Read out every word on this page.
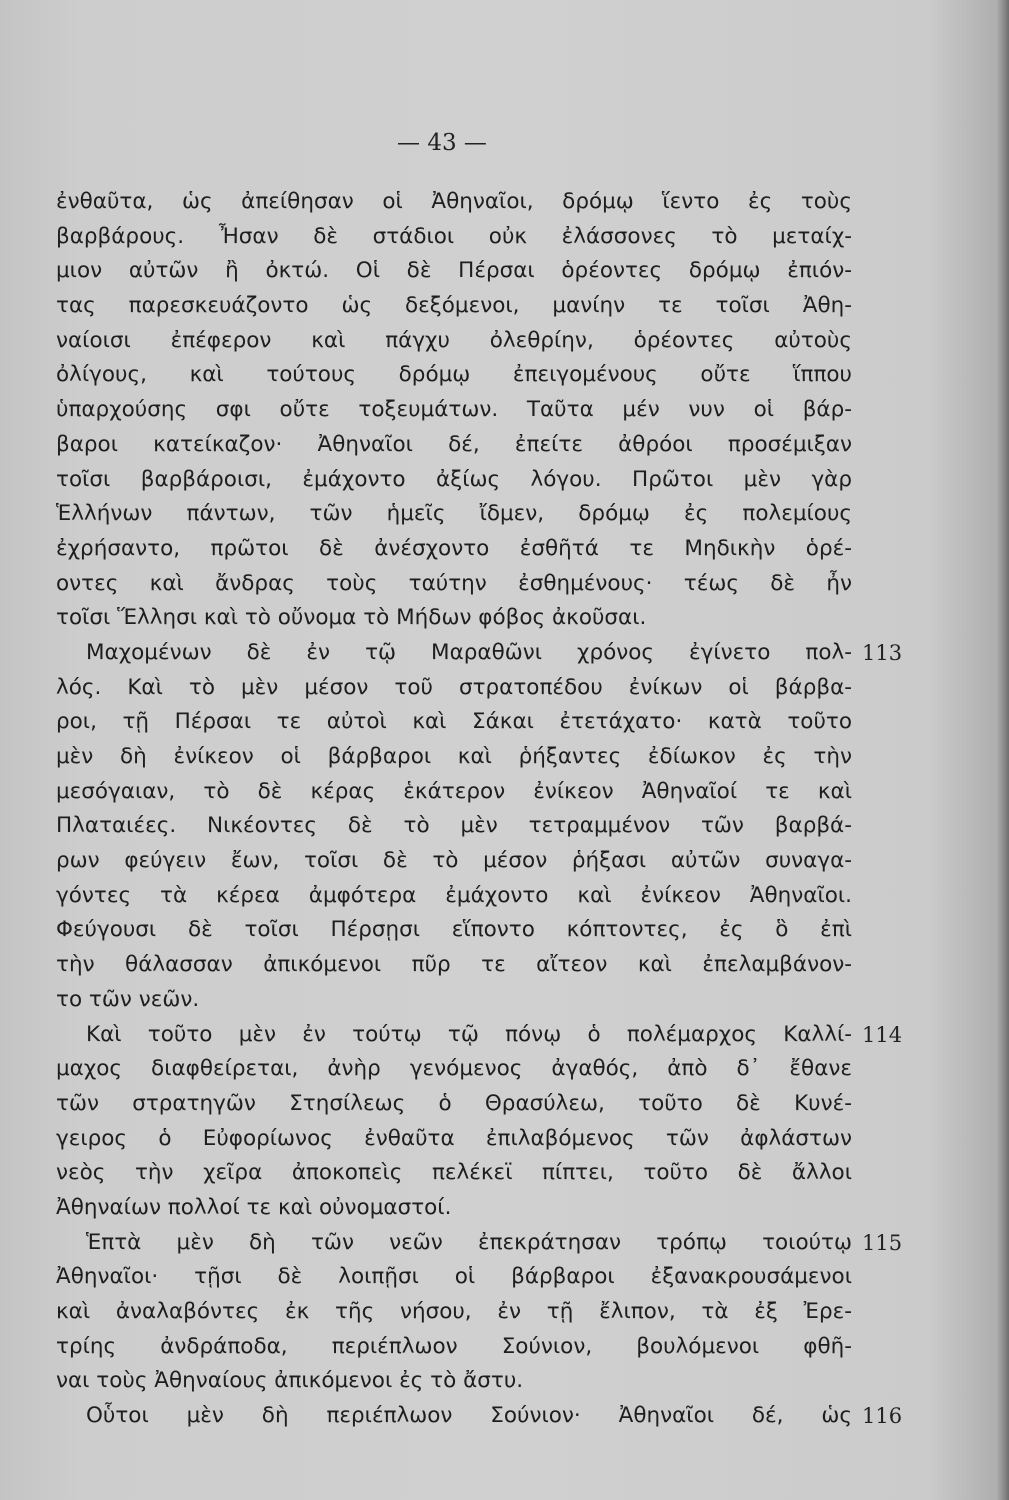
— 43 —
ἐνθαῦτα, ὡς ἀπείθησαν οἱ Ἀθηναῖοι, δρόμῳ ἵεντο ἐς τοὺς
βαρβάρους. Ἦσαν δὲ στάδιοι οὐκ ἐλάσσονες τὸ μεταίχ-
μιον αὐτῶν ἢ ὀκτώ. Οἱ δὲ Πέρσαι ὁρέοντες δρόμῳ ἐπιόν-
τας παρεσκευάζοντο ὡς δεξόμενοι, μανίην τε τοῖσι Ἀθη-
ναίοισι ἐπέφερον καὶ πάγχυ ὀλεθρίην, ὁρέοντες αὐτοὺς
ὀλίγους, καὶ τούτους δρόμῳ ἐπειγομένους οὔτε ἵππου
ὑπαρχούσης σφι οὔτε τοξευμάτων. Ταῦτα μέν νυν οἱ βάρ-
βαροι κατείκαζον· Ἀθηναῖοι δέ, ἐπείτε ἀθρόοι προσέμιξαν
τοῖσι βαρβάροισι, ἐμάχοντο ἀξίως λόγου. Πρῶτοι μὲν γὰρ
Ἑλλήνων πάντων, τῶν ἡμεῖς ἴδμεν, δρόμῳ ἐς πολεμίους
ἐχρήσαντο, πρῶτοι δὲ ἀνέσχοντο ἐσθῆτά τε Μηδικὴν ὁρέ-
οντες καὶ ἄνδρας τοὺς ταύτην ἐσθημένους· τέως δὲ ἦν
τοῖσι Ἕλλησι καὶ τὸ οὔνομα τὸ Μήδων φόβος ἀκοῦσαι.
Μαχομένων δὲ ἐν τῷ Μαραθῶνι χρόνος ἐγίνετο πολ- 113
λός. Καὶ τὸ μὲν μέσον τοῦ στρατοπέδου ἐνίκων οἱ βάρβα-
ροι, τῇ Πέρσαι τε αὐτοὶ καὶ Σάκαι ἐτετάχατο· κατὰ τοῦτο
μὲν δὴ ἐνίκεον οἱ βάρβαροι καὶ ῥήξαντες ἐδίωκον ἐς τὴν
μεσόγαιαν, τὸ δὲ κέρας ἑκάτερον ἐνίκεον Ἀθηναῖοί τε καὶ
Πλαταιέες. Νικέοντες δὲ τὸ μὲν τετραμμένον τῶν βαρβά-
ρων φεύγειν ἔων, τοῖσι δὲ τὸ μέσον ῥήξασι αὐτῶν συναγα-
γόντες τὰ κέρεα ἀμφότερα ἐμάχοντο καὶ ἐνίκεον Ἀθηναῖοι.
Φεύγουσι δὲ τοῖσι Πέρσῃσι εἵποντο κόπτοντες, ἐς ὃ ἐπὶ
τὴν θάλασσαν ἀπικόμενοι πῦρ τε αἴτεον καὶ ἐπελαμβάνον-
το τῶν νεῶν.
Καὶ τοῦτο μὲν ἐν τούτῳ τῷ πόνῳ ὁ πολέμαρχος Καλλί- 114
μαχος διαφθείρεται, ἀνὴρ γενόμενος ἀγαθός, ἀπὸ δ᾽ ἔθανε
τῶν στρατηγῶν Στησίλεως ὁ Θρασύλεω, τοῦτο δὲ Κυνέ-
γειρος ὁ Εὐφορίωνος ἐνθαῦτα ἐπιλαβόμενος τῶν ἀφλάστων
νεὸς τὴν χεῖρα ἀποκοπεὶς πελέκεϊ πίπτει, τοῦτο δὲ ἄλλοι
Ἀθηναίων πολλοί τε καὶ οὐνομαστοί.
Ἑπτὰ μὲν δὴ τῶν νεῶν ἐπεκράτησαν τρόπῳ τοιούτῳ 115
Ἀθηναῖοι· τῇσι δὲ λοιπῇσι οἱ βάρβαροι ἐξανακρουσάμενοι
καὶ ἀναλαβόντες ἐκ τῆς νήσου, ἐν τῇ ἔλιπον, τὰ ἐξ Ἐρε-
τρίης ἀνδράποδα, περιέπλωον Σούνιον, βουλόμενοι φθῆ-
ναι τοὺς Ἀθηναίους ἀπικόμενοι ἐς τὸ ἄστυ.
Οὗτοι μὲν δὴ περιέπλωον Σούνιον· Ἀθηναῖοι δέ, ὡς 116
